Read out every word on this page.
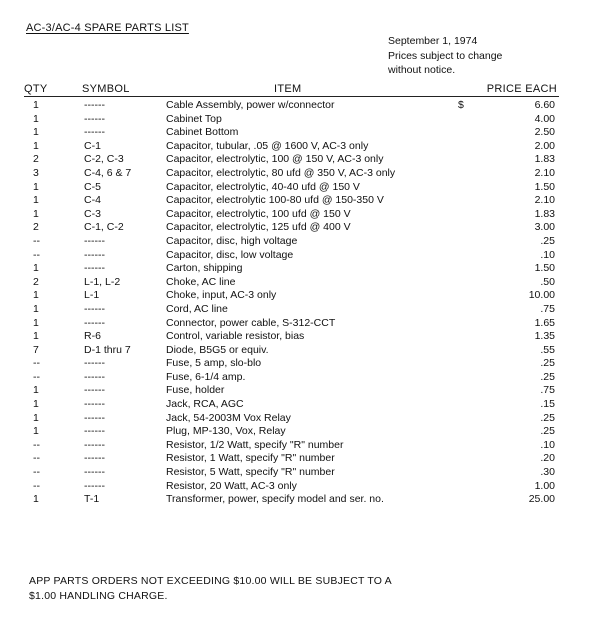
AC-3/AC-4 SPARE PARTS LIST
September 1, 1974
Prices subject to change
without notice.
QTY	SYMBOL	ITEM	PRICE EACH
1	------	Cable Assembly, power w/connector	$	6.60
1	------	Cabinet Top	4.00
1	------	Cabinet Bottom	2.50
1	C-1	Capacitor, tubular, .05 @ 1600 V, AC-3 only	2.00
2	C-2, C-3	Capacitor, electrolytic, 100 @ 150 V, AC-3 only	1.83
3	C-4, 6 & 7	Capacitor, electrolytic, 80 ufd @ 350 V, AC-3 only	2.10
1	C-5	Capacitor, electrolytic, 40-40 ufd @ 150 V	1.50
1	C-4	Capacitor, electrolytic 100-80 ufd @ 150-350 V	2.10
1	C-3	Capacitor, electrolytic, 100 ufd @ 150 V	1.83
2	C-1, C-2	Capacitor, electrolytic, 125 ufd @ 400 V	3.00
--	------	Capacitor, disc, high voltage	.25
--	------	Capacitor, disc, low voltage	.10
1	------	Carton, shipping	1.50
2	L-1, L-2	Choke, AC line	.50
1	L-1	Choke, input, AC-3 only	10.00
1	------	Cord, AC line	.75
1	------	Connector, power cable, S-312-CCT	1.65
1	R-6	Control, variable resistor, bias	1.35
7	D-1 thru 7	Diode, B5G5 or equiv.	.55
--	------	Fuse, 5 amp, slo-blo	.25
--	------	Fuse, 6-1/4 amp.	.25
1	------	Fuse, holder	.75
1	------	Jack, RCA, AGC	.15
1	------	Jack, 54-2003M Vox Relay	.25
1	------	Plug, MP-130, Vox, Relay	.25
--	------	Resistor, 1/2 Watt, specify "R" number	.10
--	------	Resistor, 1 Watt, specify "R" number	.20
--	------	Resistor, 5 Watt, specify "R" number	.30
--	------	Resistor, 20 Watt, AC-3 only	1.00
1	T-1	Transformer, power, specify model and ser. no.	25.00
APP PARTS ORDERS NOT EXCEEDING $10.00 WILL BE SUBJECT TO A
$1.00 HANDLING CHARGE.
